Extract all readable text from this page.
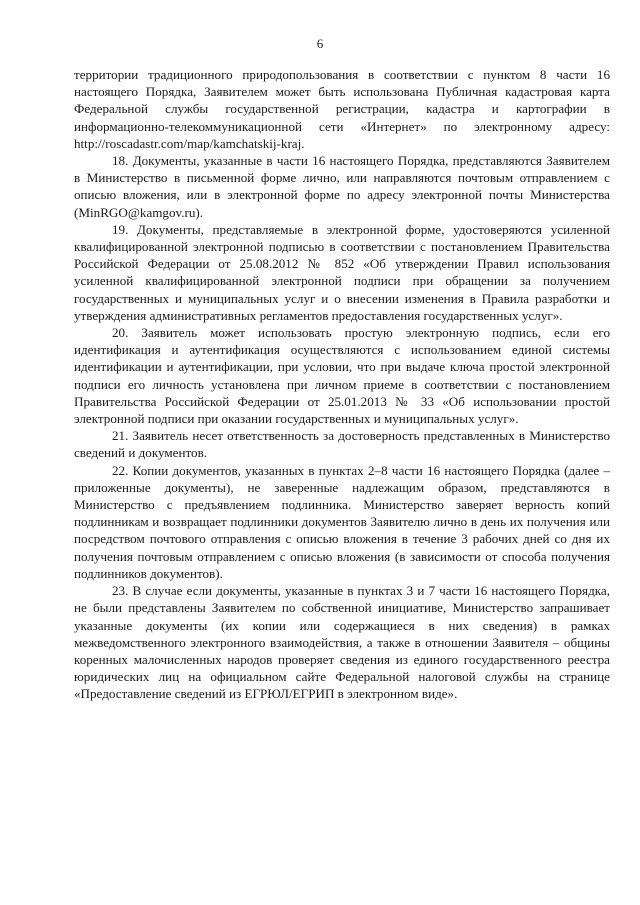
6

территории традиционного природопользования в соответствии с пунктом 8 части 16 настоящего Порядка, Заявителем может быть использована Публичная кадастровая карта Федеральной службы государственной регистрации, кадастра и картографии в информационно-телекоммуникационной сети «Интернет» по электронному адресу: http://roscadastr.com/map/kamchatskij-kraj.

18. Документы, указанные в части 16 настоящего Порядка, представляются Заявителем в Министерство в письменной форме лично, или направляются почтовым отправлением с описью вложения, или в электронной форме по адресу электронной почты Министерства (MinRGO@kamgov.ru).

19. Документы, представляемые в электронной форме, удостоверяются усиленной квалифицированной электронной подписью в соответствии с постановлением Правительства Российской Федерации от 25.08.2012 № 852 «Об утверждении Правил использования усиленной квалифицированной электронной подписи при обращении за получением государственных и муниципальных услуг и о внесении изменения в Правила разработки и утверждения административных регламентов предоставления государственных услуг».

20. Заявитель может использовать простую электронную подпись, если его идентификация и аутентификация осуществляются с использованием единой системы идентификации и аутентификации, при условии, что при выдаче ключа простой электронной подписи его личность установлена при личном приеме в соответствии с постановлением Правительства Российской Федерации от 25.01.2013 № 33 «Об использовании простой электронной подписи при оказании государственных и муниципальных услуг».

21. Заявитель несет ответственность за достоверность представленных в Министерство сведений и документов.

22. Копии документов, указанных в пунктах 2–8 части 16 настоящего Порядка (далее – приложенные документы), не заверенные надлежащим образом, представляются в Министерство с предъявлением подлинника. Министерство заверяет верность копий подлинникам и возвращает подлинники документов Заявителю лично в день их получения или посредством почтового отправления с описью вложения в течение 3 рабочих дней со дня их получения почтовым отправлением с описью вложения (в зависимости от способа получения подлинников документов).

23. В случае если документы, указанные в пунктах 3 и 7 части 16 настоящего Порядка, не были представлены Заявителем по собственной инициативе, Министерство запрашивает указанные документы (их копии или содержащиеся в них сведения) в рамках межведомственного электронного взаимодействия, а также в отношении Заявителя – общины коренных малочисленных народов проверяет сведения из единого государственного реестра юридических лиц на официальном сайте Федеральной налоговой службы на странице «Предоставление сведений из ЕГРЮЛ/ЕГРИП в электронном виде».
